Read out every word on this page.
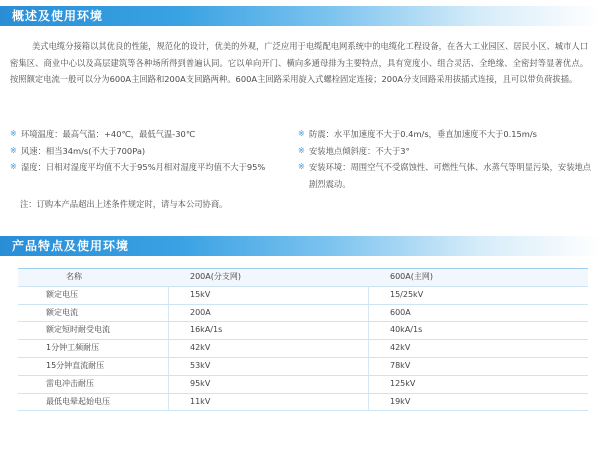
概述及使用环境
美式电缆分接箱以其优良的性能，规范化的设计，优美的外观，广泛应用于电缆配电网系统中的电缆化工程设备，在各大工业园区、居民小区、城市人口密集区、商业中心以及高层建筑等各种场所得到普遍认同。它以单向开门、横向多通母排为主要特点，具有宽度小、组合灵活、全绝缘、全密封等显著优点。按照额定电流一般可以分为600A主回路和200A支回路两种。600A主回路采用旋入式螺栓固定连接；200A分支回路采用拔插式连接，且可以带负荷拔插。
※ 环境温度：最高气温：+40℃，最低气温-30℃
※ 风速：相当34m/s(不大于700Pa)
※ 湿度：日相对湿度平均值不大于95%月相对湿度平均值不大于95%
※ 防震：水平加速度不大于0.4m/s，垂直加速度不大于0.15m/s
※ 安装地点倾斜度：不大于3°
※ 安装环境：周围空气不受腐蚀性、可燃性气体、水蒸气等明显污染，安装地点剧烈震动。
注：订购本产品超出上述条件规定时，请与本公司协商。
产品特点及使用环境
名称	200A(分支网)	600A(主网)
额定电压	15kV	15/25kV
额定电流	200A	600A
额定短时耐受电流	16kA/1s	40kA/1s
1分钟工频耐压	42kV	42kV
15分钟直流耐压	53kV	78kV
雷电冲击耐压	95kV	125kV
最低电晕起始电压	11kV	19kV
